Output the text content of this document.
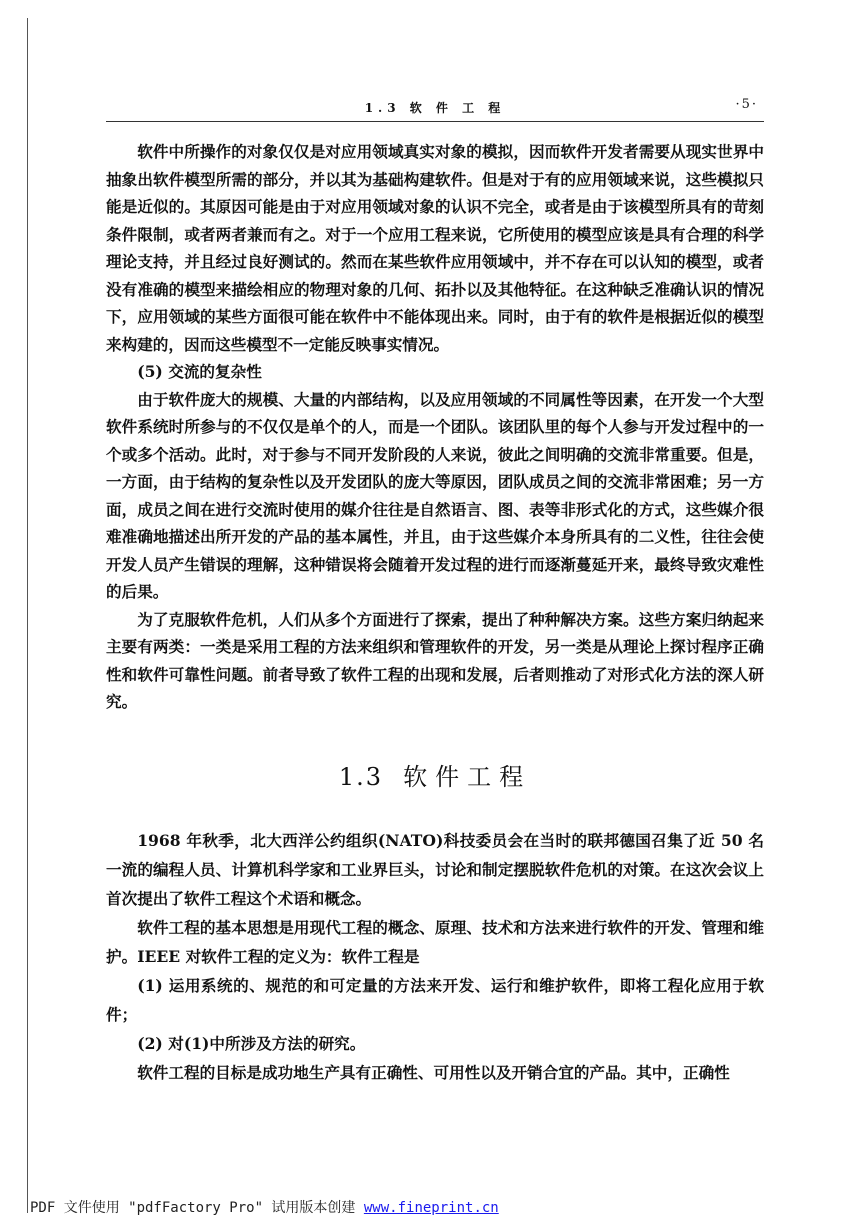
1.3 软 件 工 程	·5·

软件中所操作的对象仅仅是对应用领域真实对象的模拟，因而软件开发者需要从现实世界中抽象出软件模型所需的部分，并以其为基础构建软件。但是对于有的应用领域来说，这些模拟只能是近似的。其原因可能是由于对应用领域对象的认识不完全，或者是由于该模型所具有的苛刻条件限制，或者两者兼而有之。对于一个应用工程来说，它所使用的模型应该是具有合理的科学理论支持，并且经过良好测试的。然而在某些软件应用领域中，并不存在可以认知的模型，或者没有准确的模型来描绘相应的物理对象的几何、拓扑以及其他特征。在这种缺乏准确认识的情况下，应用领域的某些方面很可能在软件中不能体现出来。同时，由于有的软件是根据近似的模型来构建的，因而这些模型不一定能反映事实情况。

(5) 交流的复杂性

由于软件庞大的规模、大量的内部结构，以及应用领域的不同属性等因素，在开发一个大型软件系统时所参与的不仅仅是单个的人，而是一个团队。该团队里的每个人参与开发过程中的一个或多个活动。此时，对于参与不同开发阶段的人来说，彼此之间明确的交流非常重要。但是，一方面，由于结构的复杂性以及开发团队的庞大等原因，团队成员之间的交流非常困难；另一方面，成员之间在进行交流时使用的媒介往往是自然语言、图、表等非形式化的方式，这些媒介很难准确地描述出所开发的产品的基本属性，并且，由于这些媒介本身所具有的二义性，往往会使开发人员产生错误的理解，这种错误将会随着开发过程的进行而逐渐蔓延开来，最终导致灾难性的后果。

为了克服软件危机，人们从多个方面进行了探索，提出了种种解决方案。这些方案归纳起来主要有两类：一类是采用工程的方法来组织和管理软件的开发，另一类是从理论上探讨程序正确性和软件可靠性问题。前者导致了软件工程的出现和发展，后者则推动了对形式化方法的深人研究。

1.3 软件工程

1968 年秋季，北大西洋公约组织(NATO)科技委员会在当时的联邦德国召集了近 50 名一流的编程人员、计算机科学家和工业界巨头，讨论和制定摆脱软件危机的对策。在这次会议上首次提出了软件工程这个术语和概念。

软件工程的基本思想是用现代工程的概念、原理、技术和方法来进行软件的开发、管理和维护。IEEE 对软件工程的定义为：软件工程是

(1) 运用系统的、规范的和可定量的方法来开发、运行和维护软件，即将工程化应用于软件；

(2) 对(1)中所涉及方法的研究。

软件工程的目标是成功地生产具有正确性、可用性以及开销合宜的产品。其中，正确性

PDF 文件使用 "pdfFactory Pro" 试用版本创建 www.fineprint.cn
